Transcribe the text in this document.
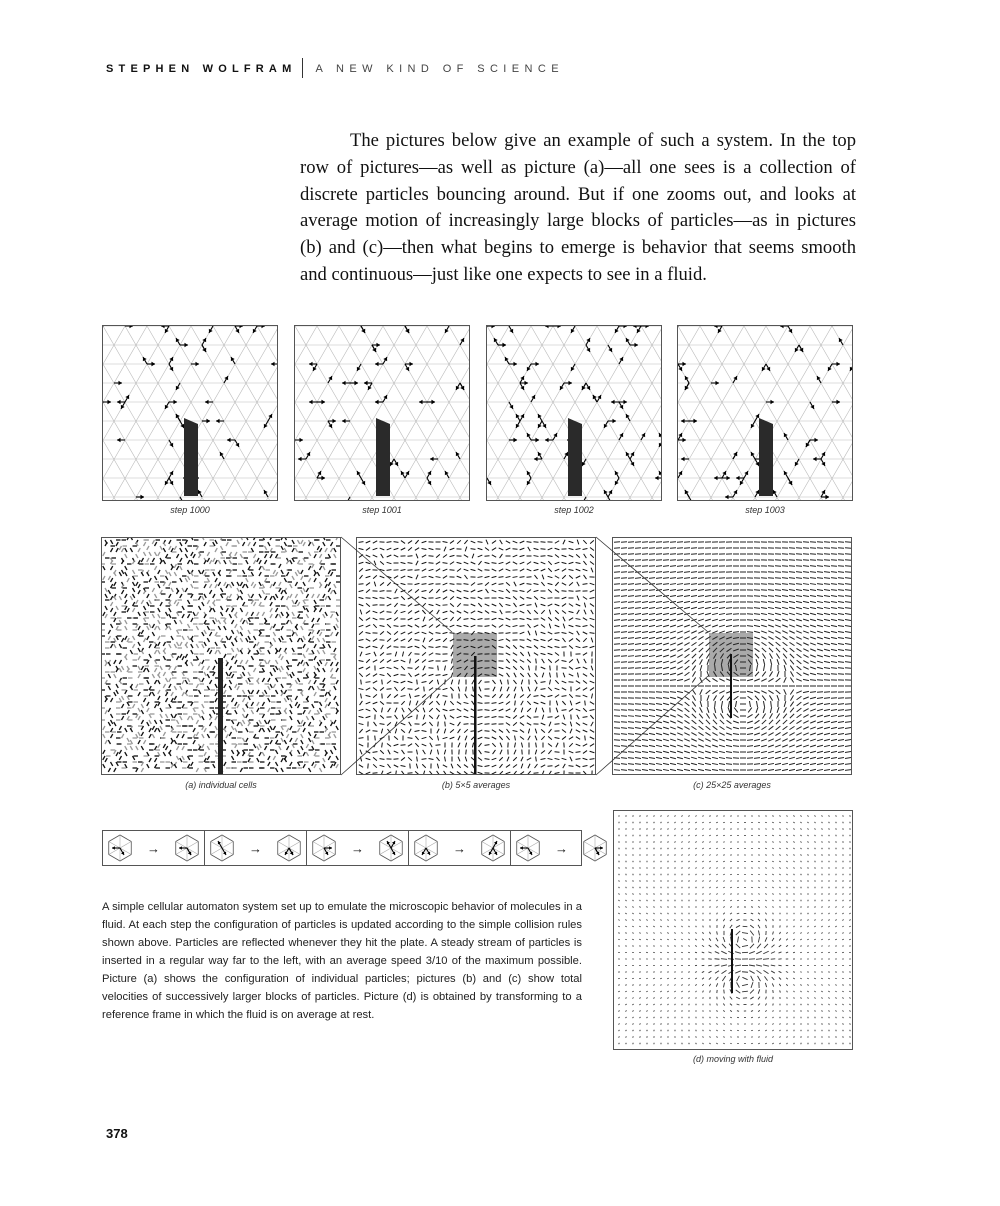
STEPHEN WOLFRAM A NEW KIND OF SCIENCE

The pictures below give an example of such a system. In the top row of pictures—as well as picture (a)—all one sees is a collection of discrete particles bouncing around. But if one zooms out, and looks at average motion of increasingly large blocks of particles—as in pictures (b) and (c)—then what begins to emerge is behavior that seems smooth and continuous—just like one expects to see in a fluid.

step 1000	step 1001	step 1002	step 1003
(a) individual cells	(b) 5×5 averages	(c) 25×25 averages
→	→	→	→	→
(d) moving with fluid

A simple cellular automaton system set up to emulate the microscopic behavior of molecules in a fluid. At each step the configuration of particles is updated according to the simple collision rules shown above. Particles are reflected whenever they hit the plate. A steady stream of particles is inserted in a regular way far to the left, with an average speed 3/10 of the maximum possible. Picture (a) shows the configuration of individual particles; pictures (b) and (c) show total velocities of successively larger blocks of particles. Picture (d) is obtained by transforming to a reference frame in which the fluid is on average at rest.

378
